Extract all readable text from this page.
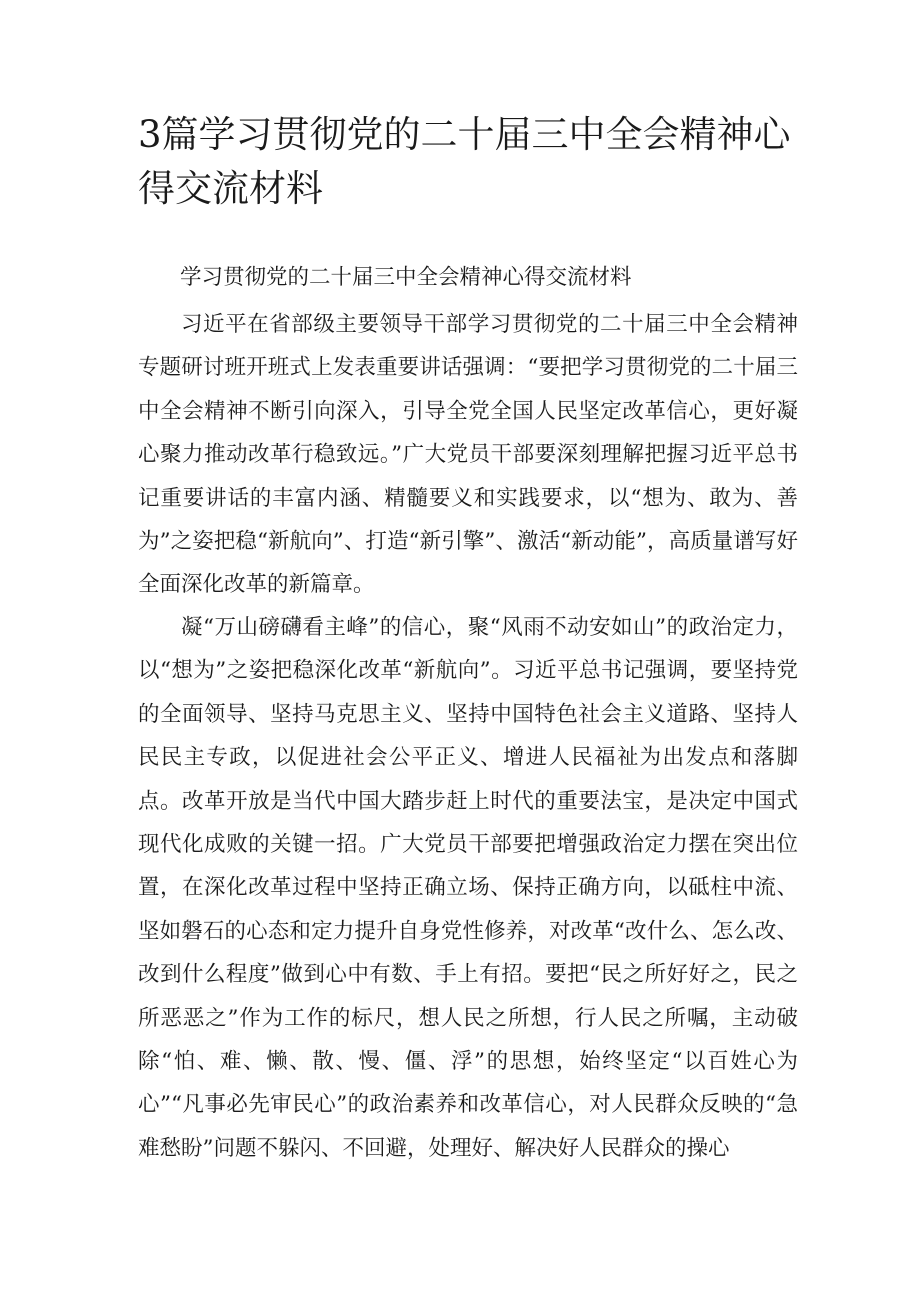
3篇学习贯彻党的二十届三中全会精神心得交流材料
学习贯彻党的二十届三中全会精神心得交流材料

习近平在省部级主要领导干部学习贯彻党的二十届三中全会精神专题研讨班开班式上发表重要讲话强调：“要把学习贯彻党的二十届三中全会精神不断引向深入，引导全党全国人民坚定改革信心，更好凝心聚力推动改革行稳致远。”广大党员干部要深刻理解把握习近平总书记重要讲话的丰富内涵、精髓要义和实践要求，以“想为、敢为、善为”之姿把稳“新航向”、打造“新引擎”、激活“新动能”，高质量谱写好全面深化改革的新篇章。

凝“万山磅礴看主峰”的信心，聚“风雨不动安如山”的政治定力，以“想为”之姿把稳深化改革“新航向”。习近平总书记强调，要坚持党的全面领导、坚持马克思主义、坚持中国特色社会主义道路、坚持人民民主专政，以促进社会公平正义、增进人民福祉为出发点和落脚点。改革开放是当代中国大踏步赶上时代的重要法宝，是决定中国式现代化成败的关键一招。广大党员干部要把增强政治定力摆在突出位置，在深化改革过程中坚持正确立场、保持正确方向，以砥柱中流、坚如磐石的心态和定力提升自身党性修养，对改革“改什么、怎么改、改到什么程度”做到心中有数、手上有招。要把“民之所好好之，民之所恶恶之”作为工作的标尺，想人民之所想，行人民之所嘱，主动破除“怕、难、懒、散、慢、僵、浮”的思想，始终坚定“以百姓心为心”“凡事必先审民心”的政治素养和改革信心，对人民群众反映的“急难愁盼”问题不躲闪、不回避，处理好、解决好人民群众的操心
